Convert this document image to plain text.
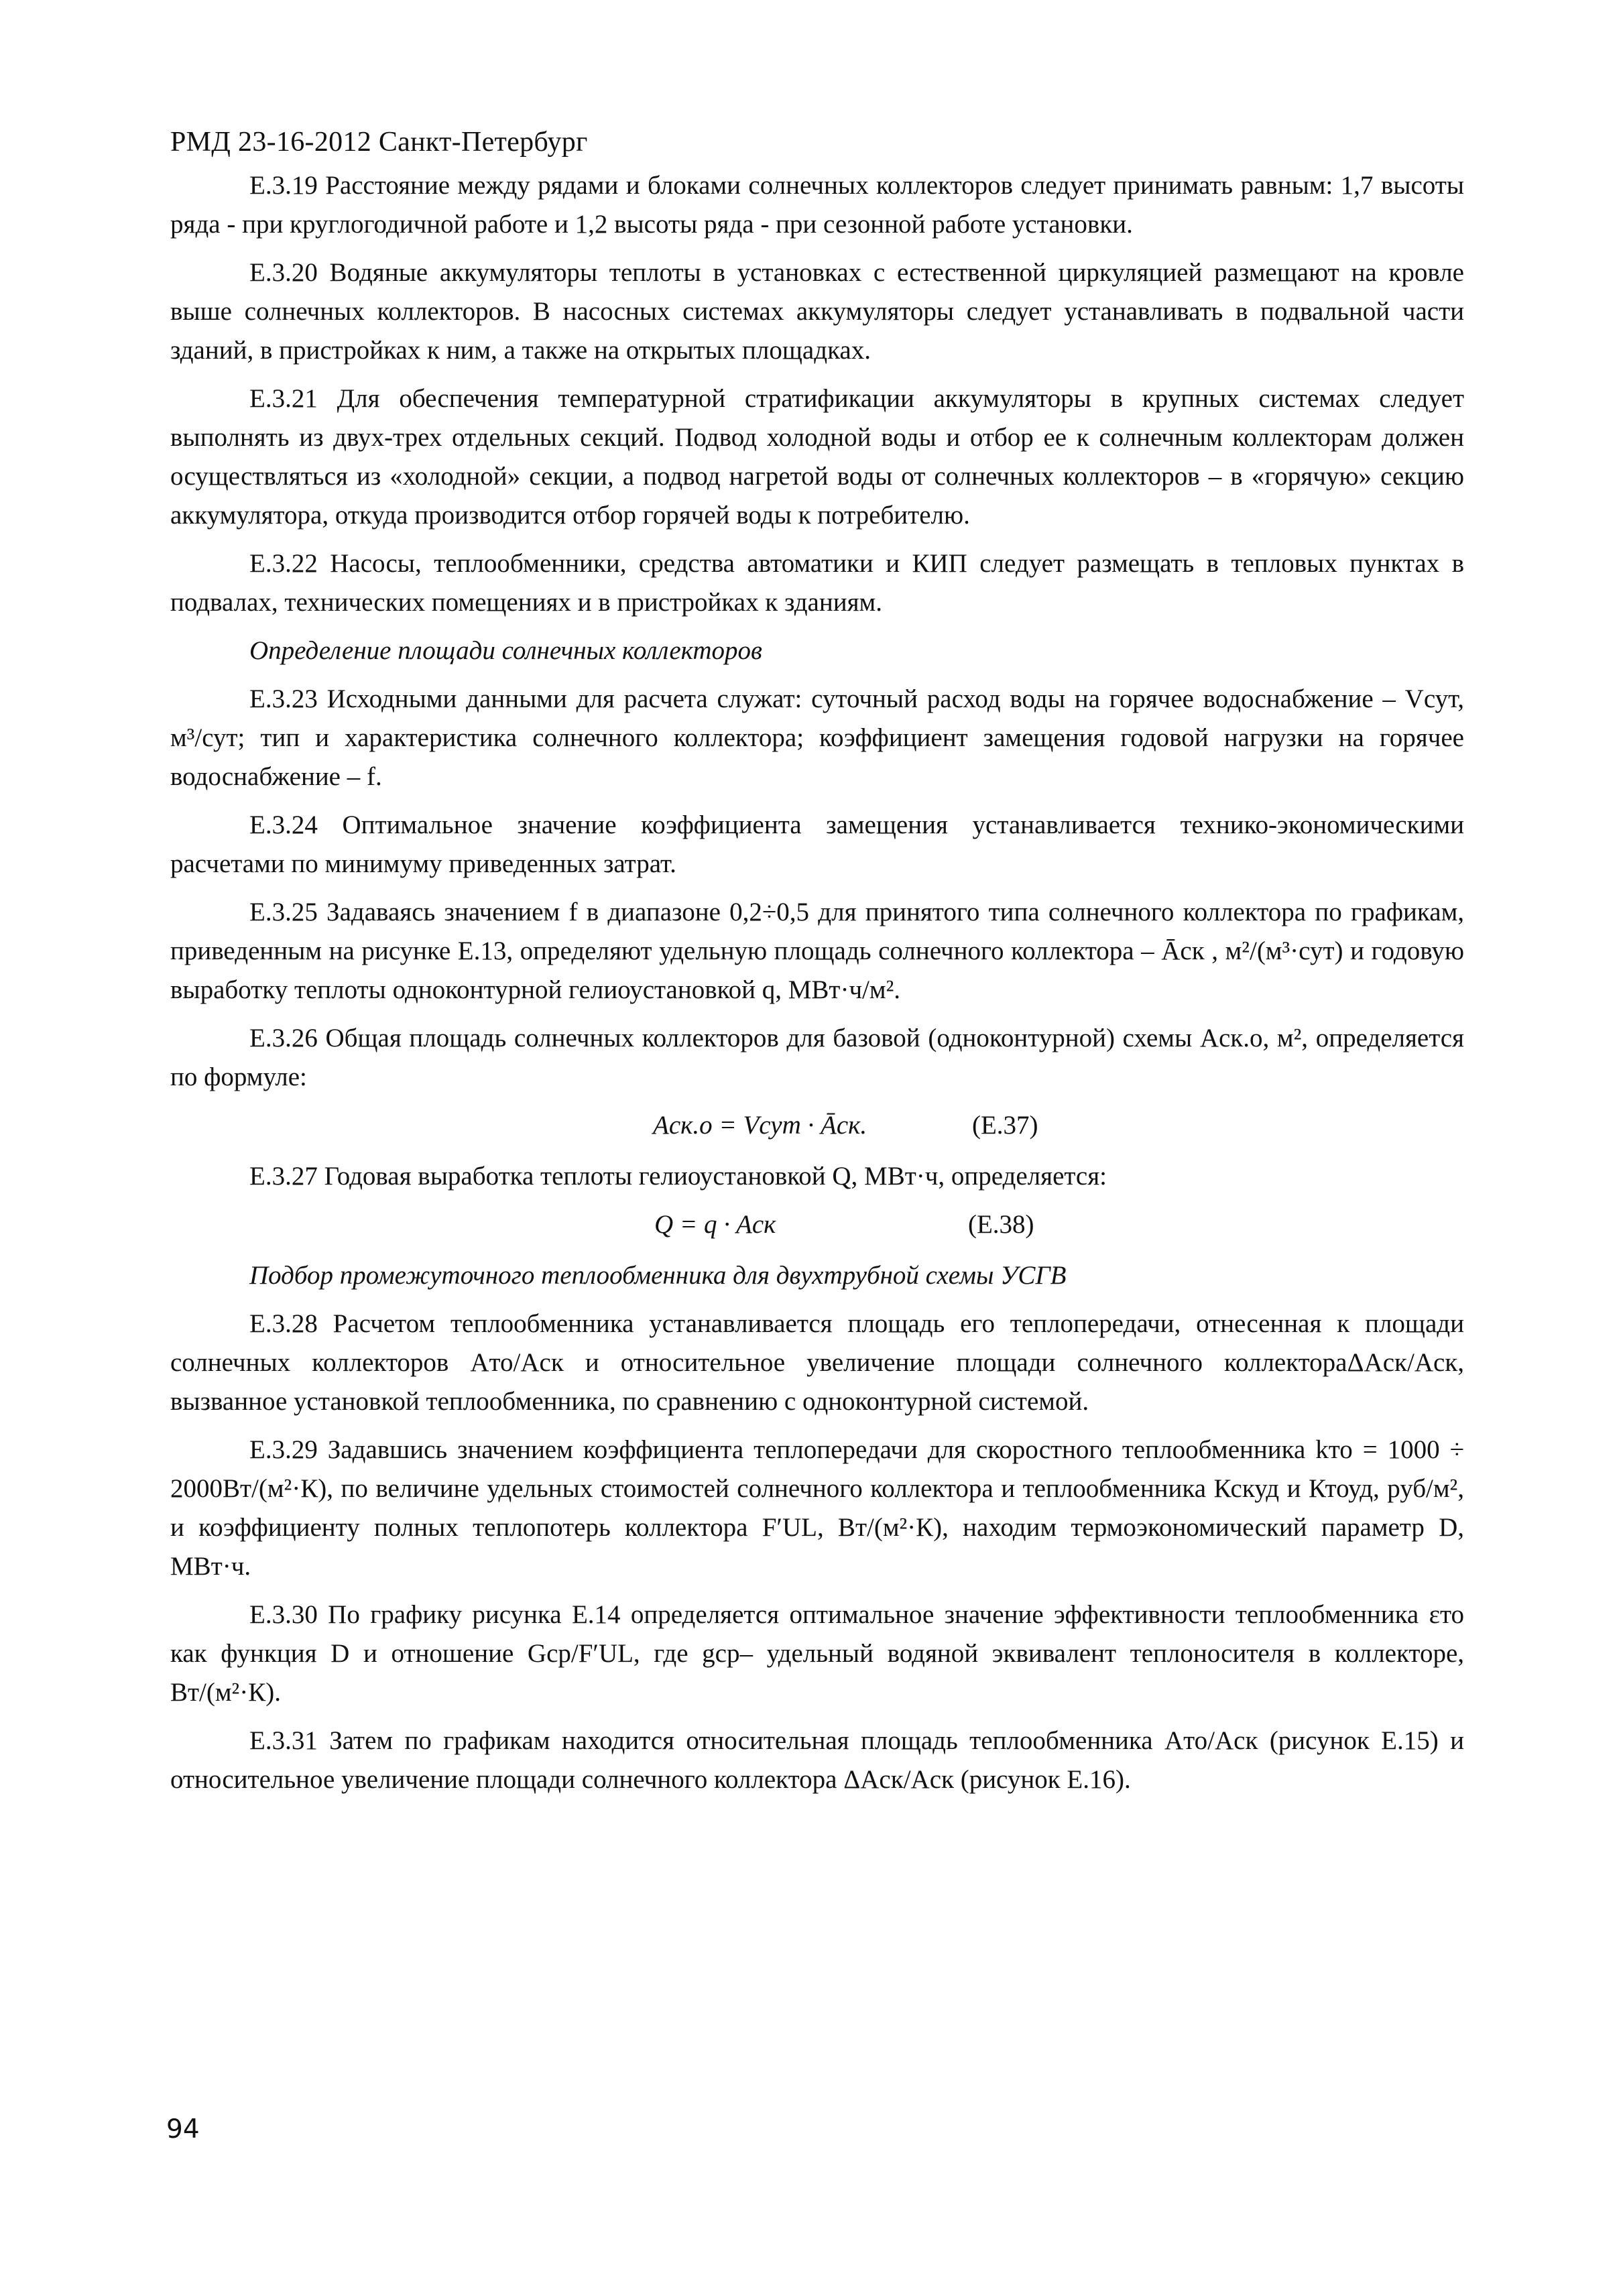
РМД 23-16-2012 Санкт-Петербург

Е.3.19 Расстояние между рядами и блоками солнечных коллекторов следует принимать равным: 1,7 высоты ряда - при круглогодичной работе и 1,2 высоты ряда - при сезонной работе установки.

Е.3.20 Водяные аккумуляторы теплоты в установках с естественной циркуляцией размещают на кровле выше солнечных коллекторов. В насосных системах аккумуляторы следует устанавливать в подвальной части зданий, в пристройках к ним, а также на открытых площадках.

Е.3.21 Для обеспечения температурной стратификации аккумуляторы в крупных системах следует выполнять из двух-трех отдельных секций. Подвод холодной воды и отбор ее к солнечным коллекторам должен осуществляться из «холодной» секции, а подвод нагретой воды от солнечных коллекторов – в «горячую» секцию аккумулятора, откуда производится отбор горячей воды к потребителю.

Е.3.22 Насосы, теплообменники, средства автоматики и КИП следует размещать в тепловых пунктах в подвалах, технических помещениях и в пристройках к зданиям.

Определение площади солнечных коллекторов

Е.3.23 Исходными данными для расчета служат: суточный расход воды на горячее водоснабжение – Vсут, м³/сут; тип и характеристика солнечного коллектора; коэффициент замещения годовой нагрузки на горячее водоснабжение – f.

Е.3.24 Оптимальное значение коэффициента замещения устанавливается технико-экономическими расчетами по минимуму приведенных затрат.

Е.3.25 Задаваясь значением f в диапазоне 0,2÷0,5 для принятого типа солнечного коллектора по графикам, приведенным на рисунке Е.13, определяют удельную площадь солнечного коллектора – Āск , м²/(м³·сут) и годовую выработку теплоты одноконтурной гелиоустановкой q, МВт·ч/м².

Е.3.26 Общая площадь солнечных коллекторов для базовой (одноконтурной) схемы Aск.о, м², определяется по формуле:

Aск.о = Vсут · Āск.	(Е.37)

Е.3.27 Годовая выработка теплоты гелиоустановкой Q, МВт·ч, определяется:

Q = q · Aск	(Е.38)
Подбор промежуточного теплообменника для двухтрубной схемы УСГВ

Е.3.28 Расчетом теплообменника устанавливается площадь его теплопередачи, отнесенная к площади солнечных коллекторов Aто/Aск и относительное увеличение площади солнечного коллектораΔAск/Aск, вызванное установкой теплообменника, по сравнению с одноконтурной системой.

Е.3.29 Задавшись значением коэффициента теплопередачи для скоростного теплообменника kто = 1000 ÷ 2000Вт/(м²·К), по величине удельных стоимостей солнечного коллектора и теплообменника Кскуд и Ктоуд, руб/м², и коэффициенту полных теплопотерь коллектора F′UL, Вт/(м²·К), находим термоэкономический параметр D, МВт·ч.

Е.3.30 По графику рисунка Е.14 определяется оптимальное значение эффективности теплообменника εто как функция D и отношение Gcp/F′UL, где gcp– удельный водяной эквивалент теплоносителя в коллекторе, Вт/(м²·К).

Е.3.31 Затем по графикам находится относительная площадь теплообменника Aто/Aск (рисунок Е.15) и относительное увеличение площади солнечного коллектора ΔAск/Aск (рисунок Е.16).

94
